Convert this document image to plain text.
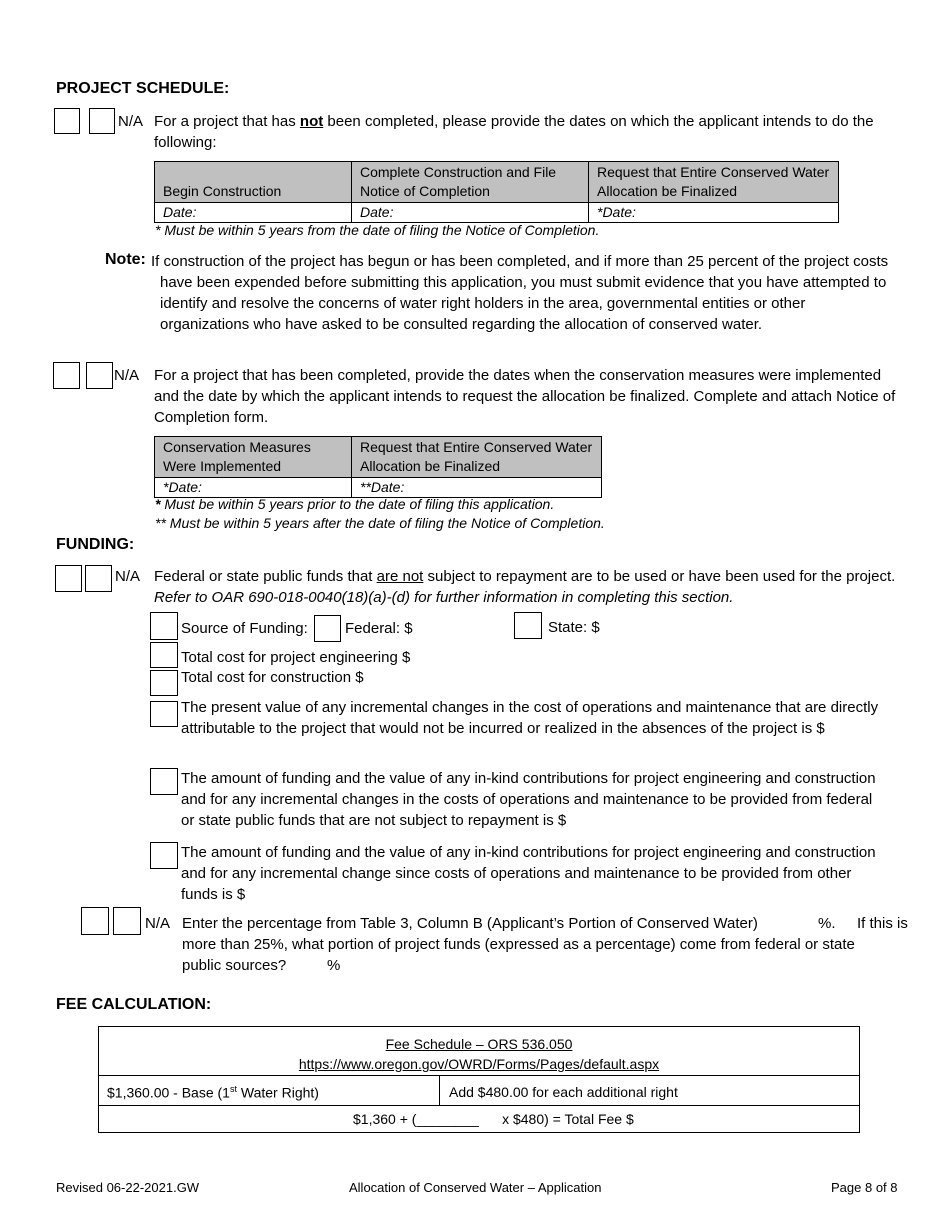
PROJECT SCHEDULE:
N/A For a project that has not been completed, please provide the dates on which the applicant intends to do the following:
Begin Construction	Complete Construction and File Notice of Completion	Request that Entire Conserved Water Allocation be Finalized
Date:	Date:	*Date:
* Must be within 5 years from the date of filing the Notice of Completion.
Note: If construction of the project has begun or has been completed, and if more than 25 percent of the project costs have been expended before submitting this application, you must submit evidence that you have attempted to identify and resolve the concerns of water right holders in the area, governmental entities or other organizations who have asked to be consulted regarding the allocation of conserved water.
N/A For a project that has been completed, provide the dates when the conservation measures were implemented and the date by which the applicant intends to request the allocation be finalized. Complete and attach Notice of Completion form.
Conservation Measures Were Implemented	Request that Entire Conserved Water Allocation be Finalized
*Date:	**Date:
* Must be within 5 years prior to the date of filing this application.
** Must be within 5 years after the date of filing the Notice of Completion.
FUNDING:
N/A Federal or state public funds that are not subject to repayment are to be used or have been used for the project. Refer to OAR 690-018-0040(18)(a)-(d) for further information in completing this section.
Source of Funding: Federal: $	State: $
Total cost for project engineering $
Total cost for construction $
The present value of any incremental changes in the cost of operations and maintenance that are directly attributable to the project that would not be incurred or realized in the absences of the project is $
The amount of funding and the value of any in-kind contributions for project engineering and construction and for any incremental changes in the costs of operations and maintenance to be provided from federal or state public funds that are not subject to repayment is $
The amount of funding and the value of any in-kind contributions for project engineering and construction and for any incremental change since costs of operations and maintenance to be provided from other funds is $
N/A Enter the percentage from Table 3, Column B (Applicant’s Portion of Conserved Water)	%. If this is
more than 25%, what portion of project funds (expressed as a percentage) come from federal or state
public sources?	%
FEE CALCULATION:
Fee Schedule – ORS 536.050
https://www.oregon.gov/OWRD/Forms/Pages/default.aspx
$1,360.00 - Base (1st Water Right)	Add $480.00 for each additional right
$1,360 + (________ x $480) = Total Fee $
Revised 06-22-2021.GW	Allocation of Conserved Water – Application	Page 8 of 8
